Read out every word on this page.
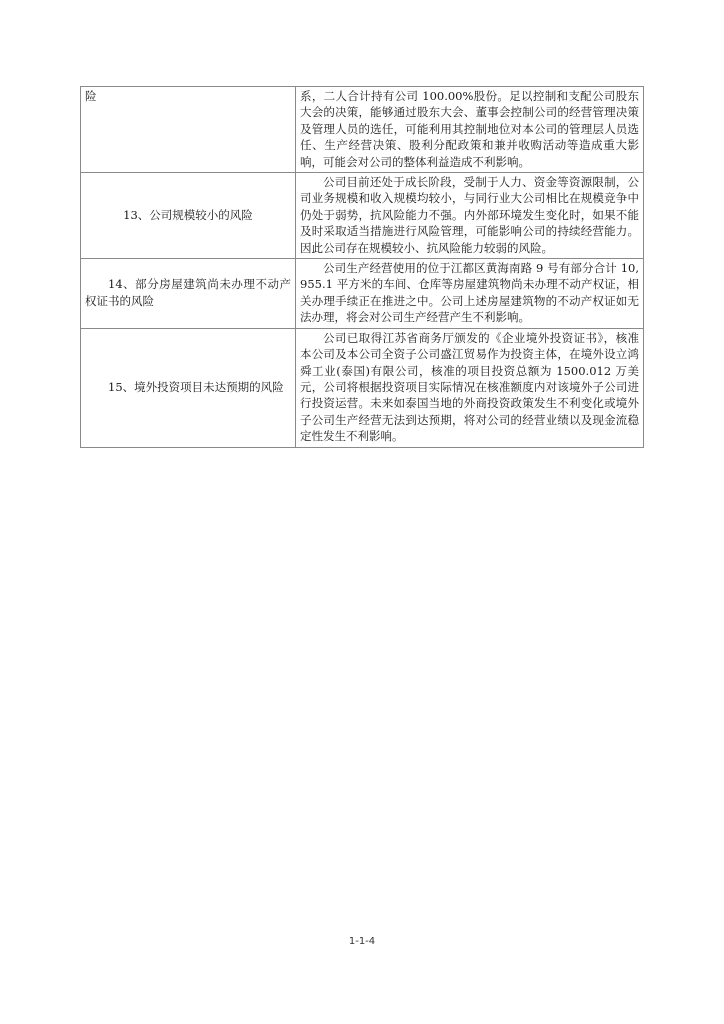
险	系，二人合计持有公司 100.00%股份。足以控制和支配公司股东大会的决策，能够通过股东大会、董事会控制公司的经营管理决策及管理人员的选任，可能利用其控制地位对本公司的管理层人员选任、生产经营决策、股利分配政策和兼并收购活动等造成重大影响，可能会对公司的整体利益造成不利影响。

13、公司规模较小的风险	公司目前还处于成长阶段，受制于人力、资金等资源限制，公司业务规模和收入规模均较小，与同行业大公司相比在规模竞争中仍处于弱势，抗风险能力不强。内外部环境发生变化时，如果不能及时采取适当措施进行风险管理，可能影响公司的持续经营能力。因此公司存在规模较小、抗风险能力较弱的风险。

14、部分房屋建筑尚未办理不动产权证书的风险	公司生产经营使用的位于江都区黄海南路 9 号有部分合计 10,955.1 平方米的车间、仓库等房屋建筑物尚未办理不动产权证，相关办理手续正在推进之中。公司上述房屋建筑物的不动产权证如无法办理，将会对公司生产经营产生不利影响。

15、境外投资项目未达预期的风险	公司已取得江苏省商务厅颁发的《企业境外投资证书》，核准本公司及本公司全资子公司盛江贸易作为投资主体，在境外设立鸿舜工业(泰国)有限公司，核准的项目投资总额为 1500.012 万美元，公司将根据投资项目实际情况在核准额度内对该境外子公司进行投资运营。未来如泰国当地的外商投资政策发生不利变化或境外子公司生产经营无法到达预期，将对公司的经营业绩以及现金流稳定性发生不利影响。
1-1-4
